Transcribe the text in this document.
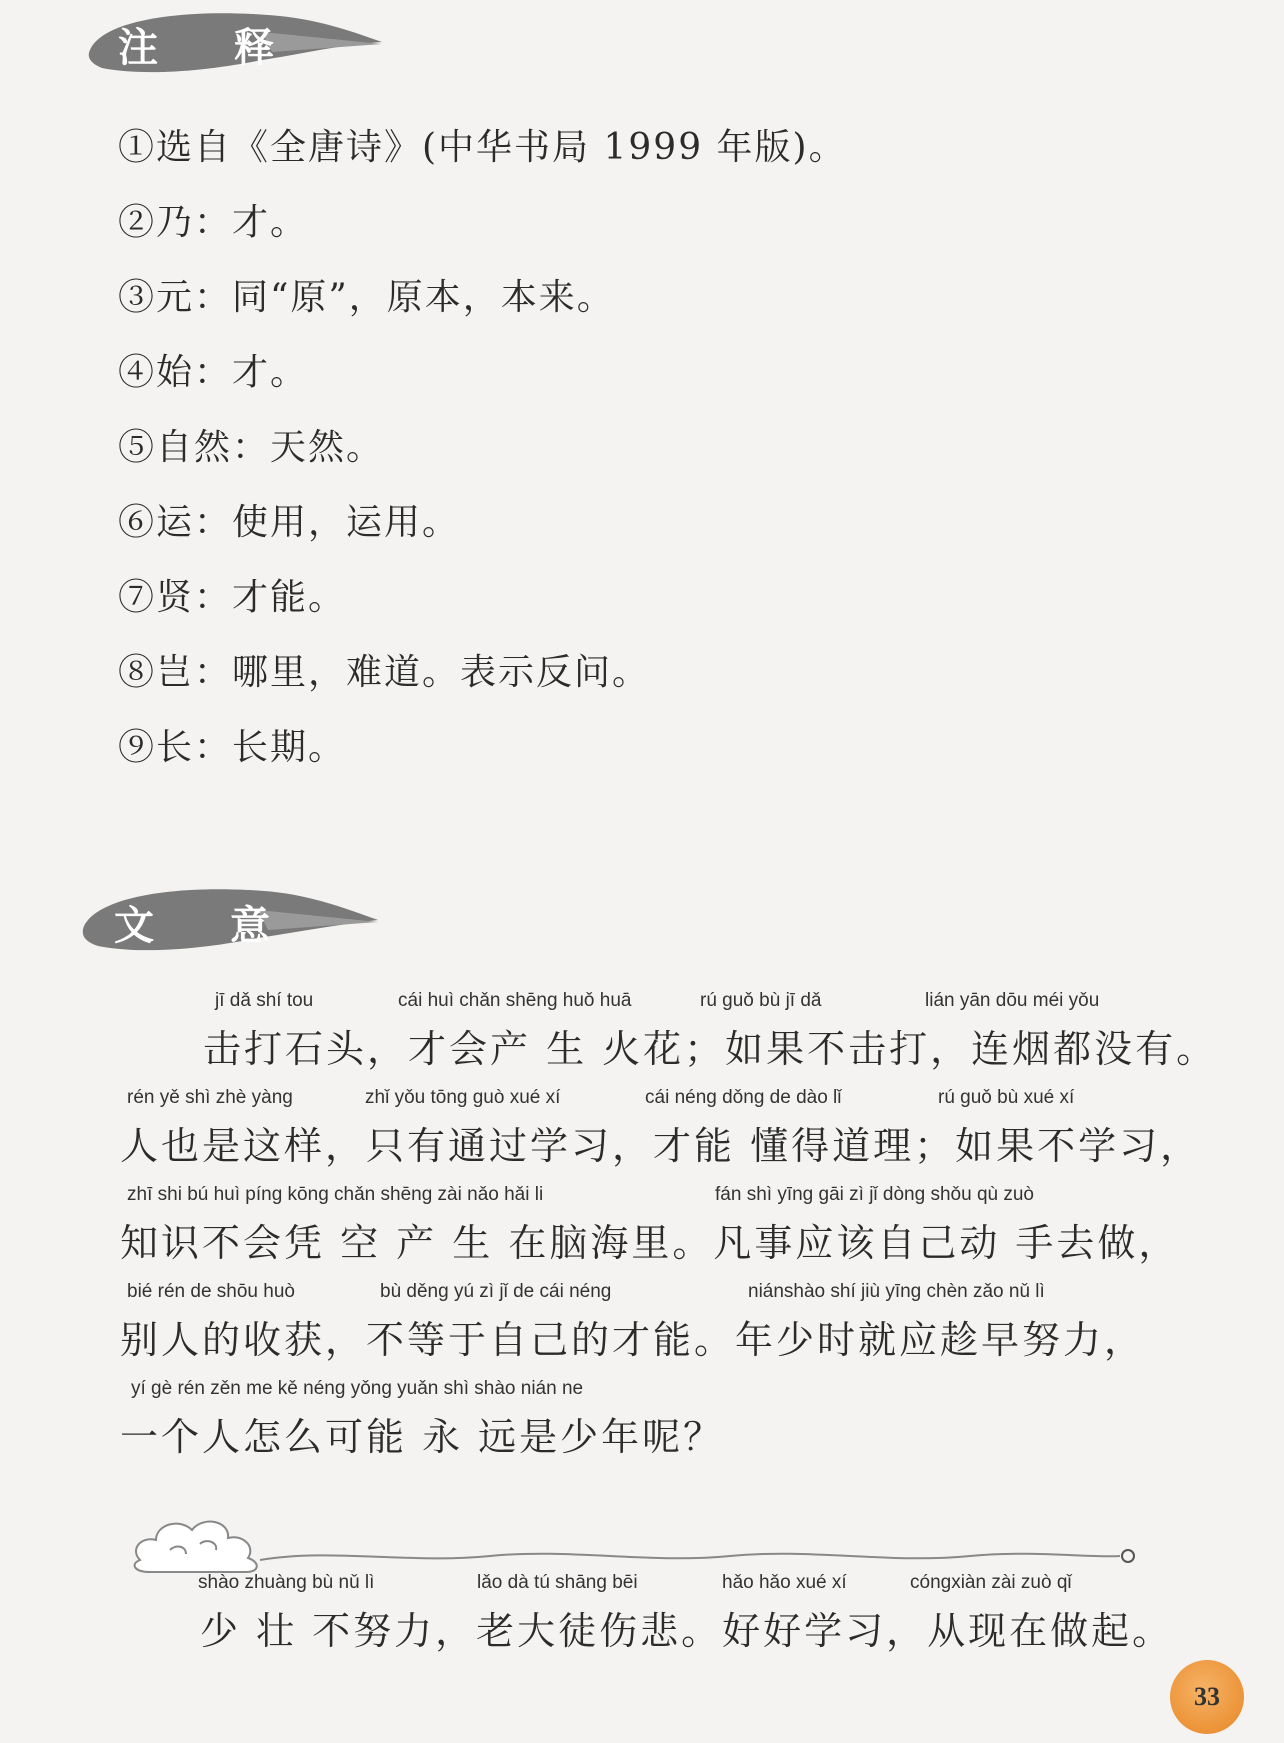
注　释
①选自《全唐诗》(中华书局 1999 年版)。
②乃：才。
③元：同“原”，原本，本来。
④始：才。
⑤自然：天然。
⑥运：使用，运用。
⑦贤：才能。
⑧岂：哪里，难道。表示反问。
⑨长：长期。
文　意
jī dǎ shí tou	cái huì chǎn shēng huǒ huā	rú guǒ bù jī dǎ	lián yān dōu méi yǒu
击打石头，才会产 生 火花；如果不击打，连烟都没有。
rén yě shì zhè yàng	zhǐ yǒu tōng guò xué xí	cái néng dǒng de dào lǐ	rú guǒ bù xué xí
人也是这样，只有通过学习，才能 懂得道理；如果不学习，
zhī shi bú huì píng kōng chǎn shēng zài nǎo hǎi li	fán shì yīng gāi zì jǐ dòng shǒu qù zuò
知识不会凭 空 产 生 在脑海里。凡事应该自己动 手去做，
bié rén de shōu huò	bù děng yú zì jǐ de cái néng	niánshào shí jiù yīng chèn zǎo nǔ lì
别人的收获，不等于自己的才能。年少时就应趁早努力，
yí gè rén zěn me kě néng yǒng yuǎn shì shào nián ne
一个人怎么可能 永 远是少年呢？
shào zhuàng bù nǔ lì	lǎo dà tú shāng bēi	hǎo hǎo xué xí	cóngxiàn zài zuò qǐ
少 壮 不努力，老大徒伤悲。好好学习，从现在做起。
33
